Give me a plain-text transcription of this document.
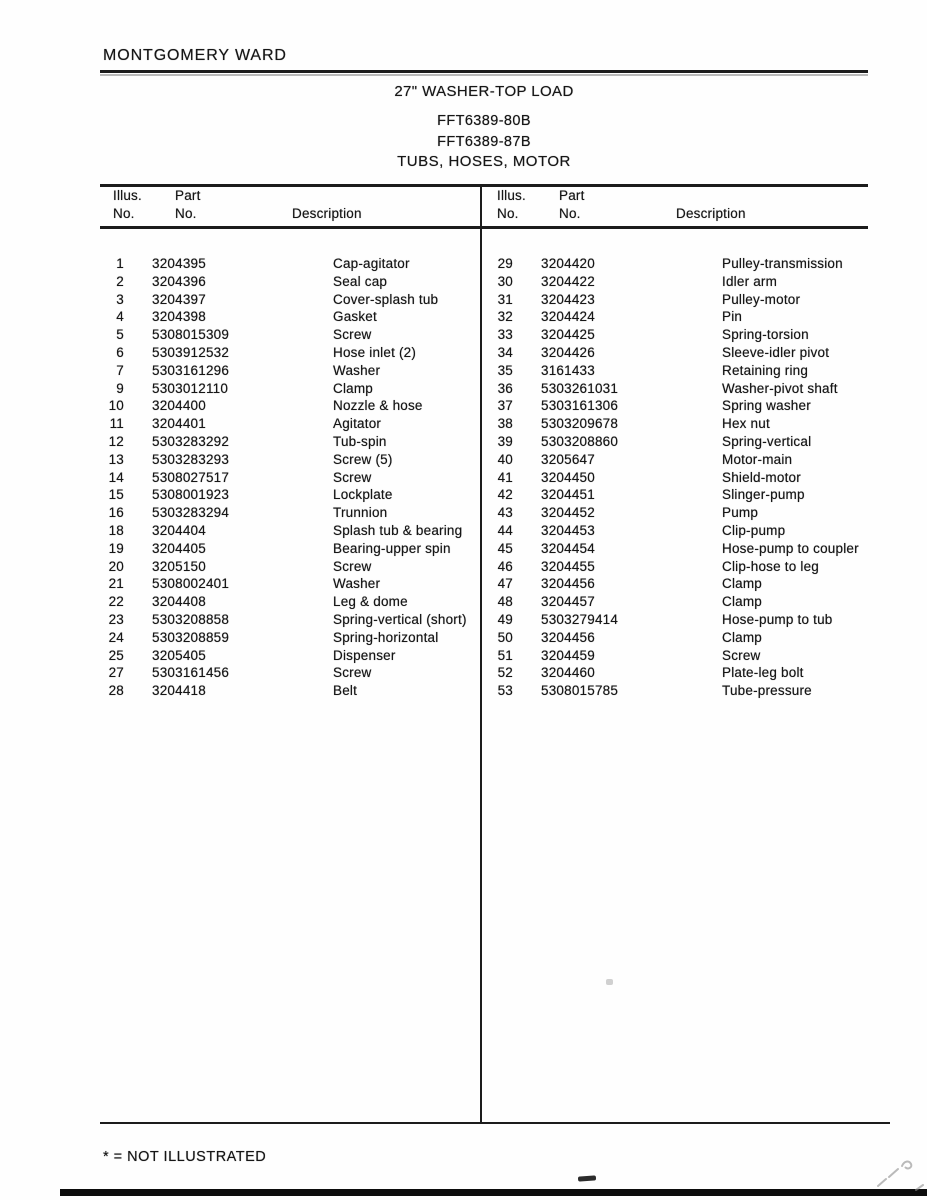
MONTGOMERY WARD
27" WASHER-TOP LOAD
FFT6389-80B
FFT6389-87B
TUBS, HOSES, MOTOR
Illus. Part
No.	No.	Description
Illus. Part
No.	No.	Description
1 3204395	Cap-agitator
2 3204396	Seal cap
3 3204397	Cover-splash tub
4 3204398	Gasket
5 5308015309	Screw
6 5303912532	Hose inlet (2)
7 5303161296	Washer
9 5303012110	Clamp
10 3204400	Nozzle & hose
11 3204401	Agitator
12 5303283292	Tub-spin
13 5303283293	Screw (5)
14 5308027517	Screw
15 5308001923	Lockplate
16 5303283294	Trunnion
18 3204404	Splash tub & bearing
19 3204405	Bearing-upper spin
20 3205150	Screw
21 5308002401	Washer
22 3204408	Leg & dome
23 5303208858	Spring-vertical (short)
24 5303208859	Spring-horizontal
25 3205405	Dispenser
27 5303161456	Screw
28 3204418	Belt
29 3204420	Pulley-transmission
30 3204422	Idler arm
31 3204423	Pulley-motor
32 3204424	Pin
33 3204425	Spring-torsion
34 3204426	Sleeve-idler pivot
35 3161433	Retaining ring
36 5303261031	Washer-pivot shaft
37 5303161306	Spring washer
38 5303209678	Hex nut
39 5303208860	Spring-vertical
40 3205647	Motor-main
41 3204450	Shield-motor
42 3204451	Slinger-pump
43 3204452	Pump
44 3204453	Clip-pump
45 3204454	Hose-pump to coupler
46 3204455	Clip-hose to leg
47 3204456	Clamp
48 3204457	Clamp
49 5303279414	Hose-pump to tub
50 3204456	Clamp
51 3204459	Screw
52 3204460	Plate-leg bolt
53 5308015785	Tube-pressure
* = NOT ILLUSTRATED
